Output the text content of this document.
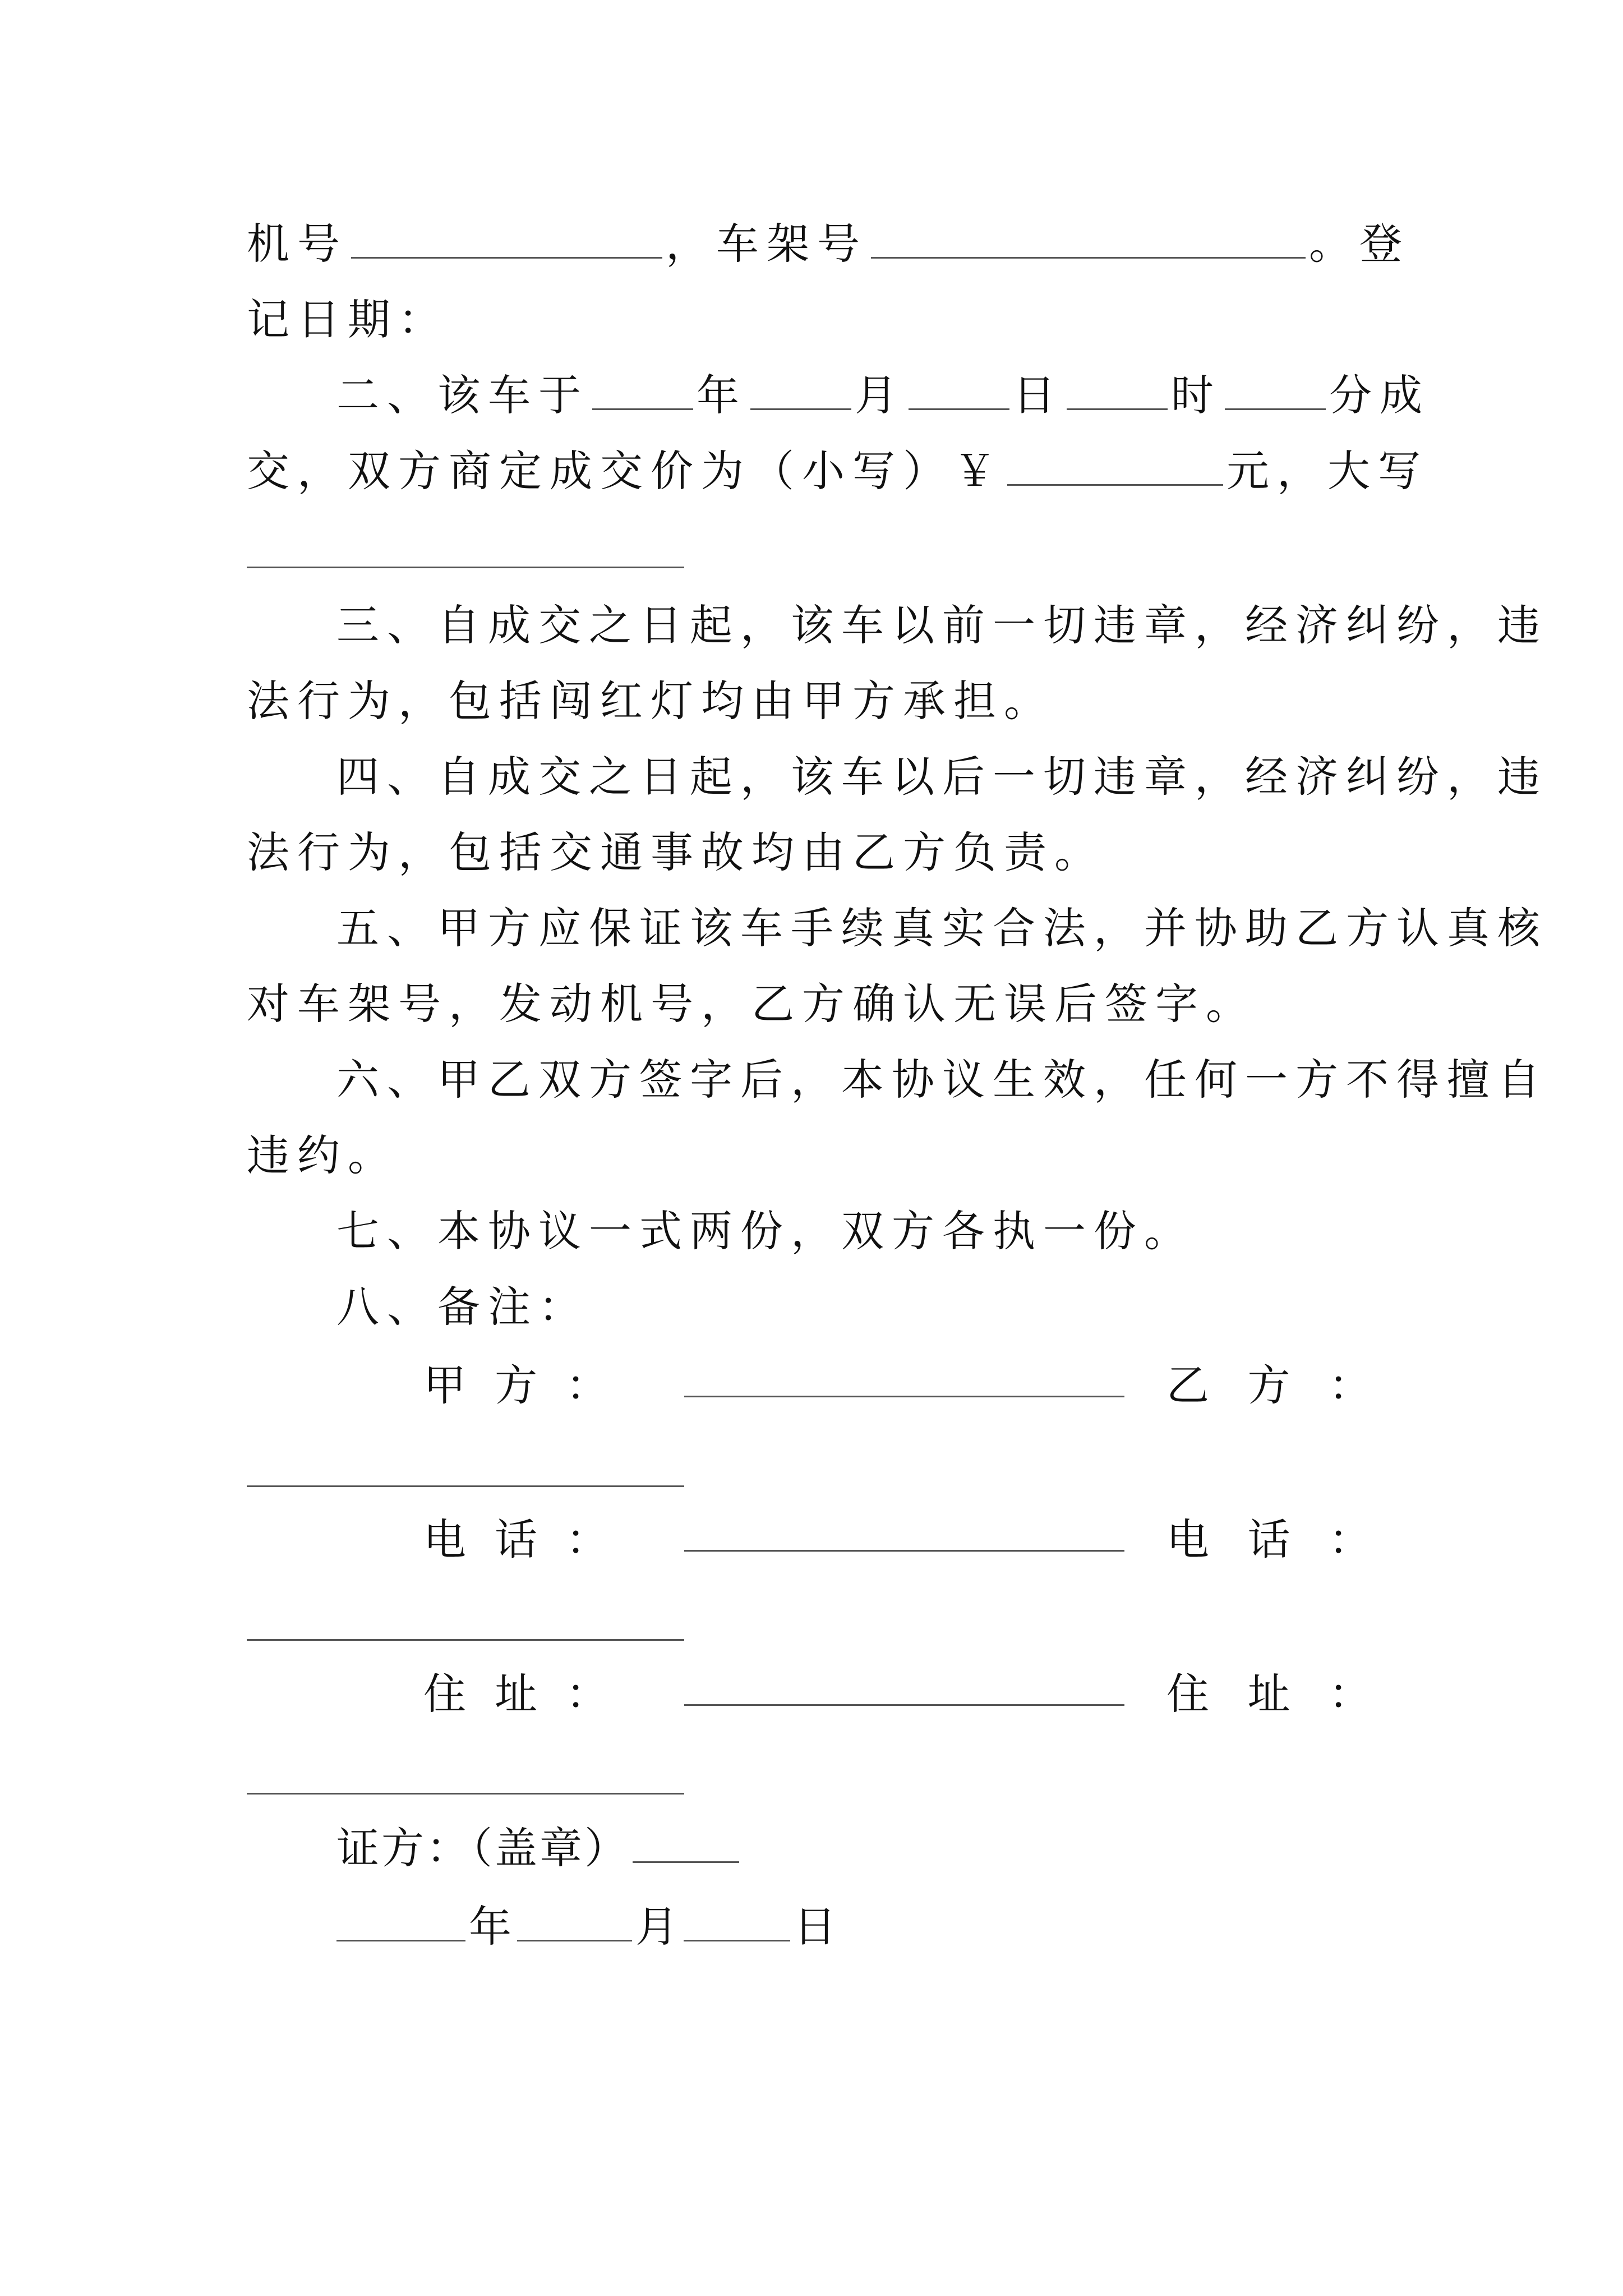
机号	，车架号	。登
记日期：
二、该车于	年	月	日	时	分成
交，双方商定成交价为（小写）￥	元，大写
三、自成交之日起，该车以前一切违章，经济纠纷，违
法行为，包括闯红灯均由甲方承担。
四、自成交之日起，该车以后一切违章，经济纠纷，违
法行为，包括交通事故均由乙方负责。
五、甲方应保证该车手续真实合法，并协助乙方认真核
对车架号，发动机号，乙方确认无误后签字。
六、甲乙双方签字后，本协议生效，任何一方不得擅自
违约。
七、本协议一式两份，双方各执一份。
八、备注：
甲方：	乙方：
电话：	电话：
住址：	住址：
证方：（盖章）
年	月	日
